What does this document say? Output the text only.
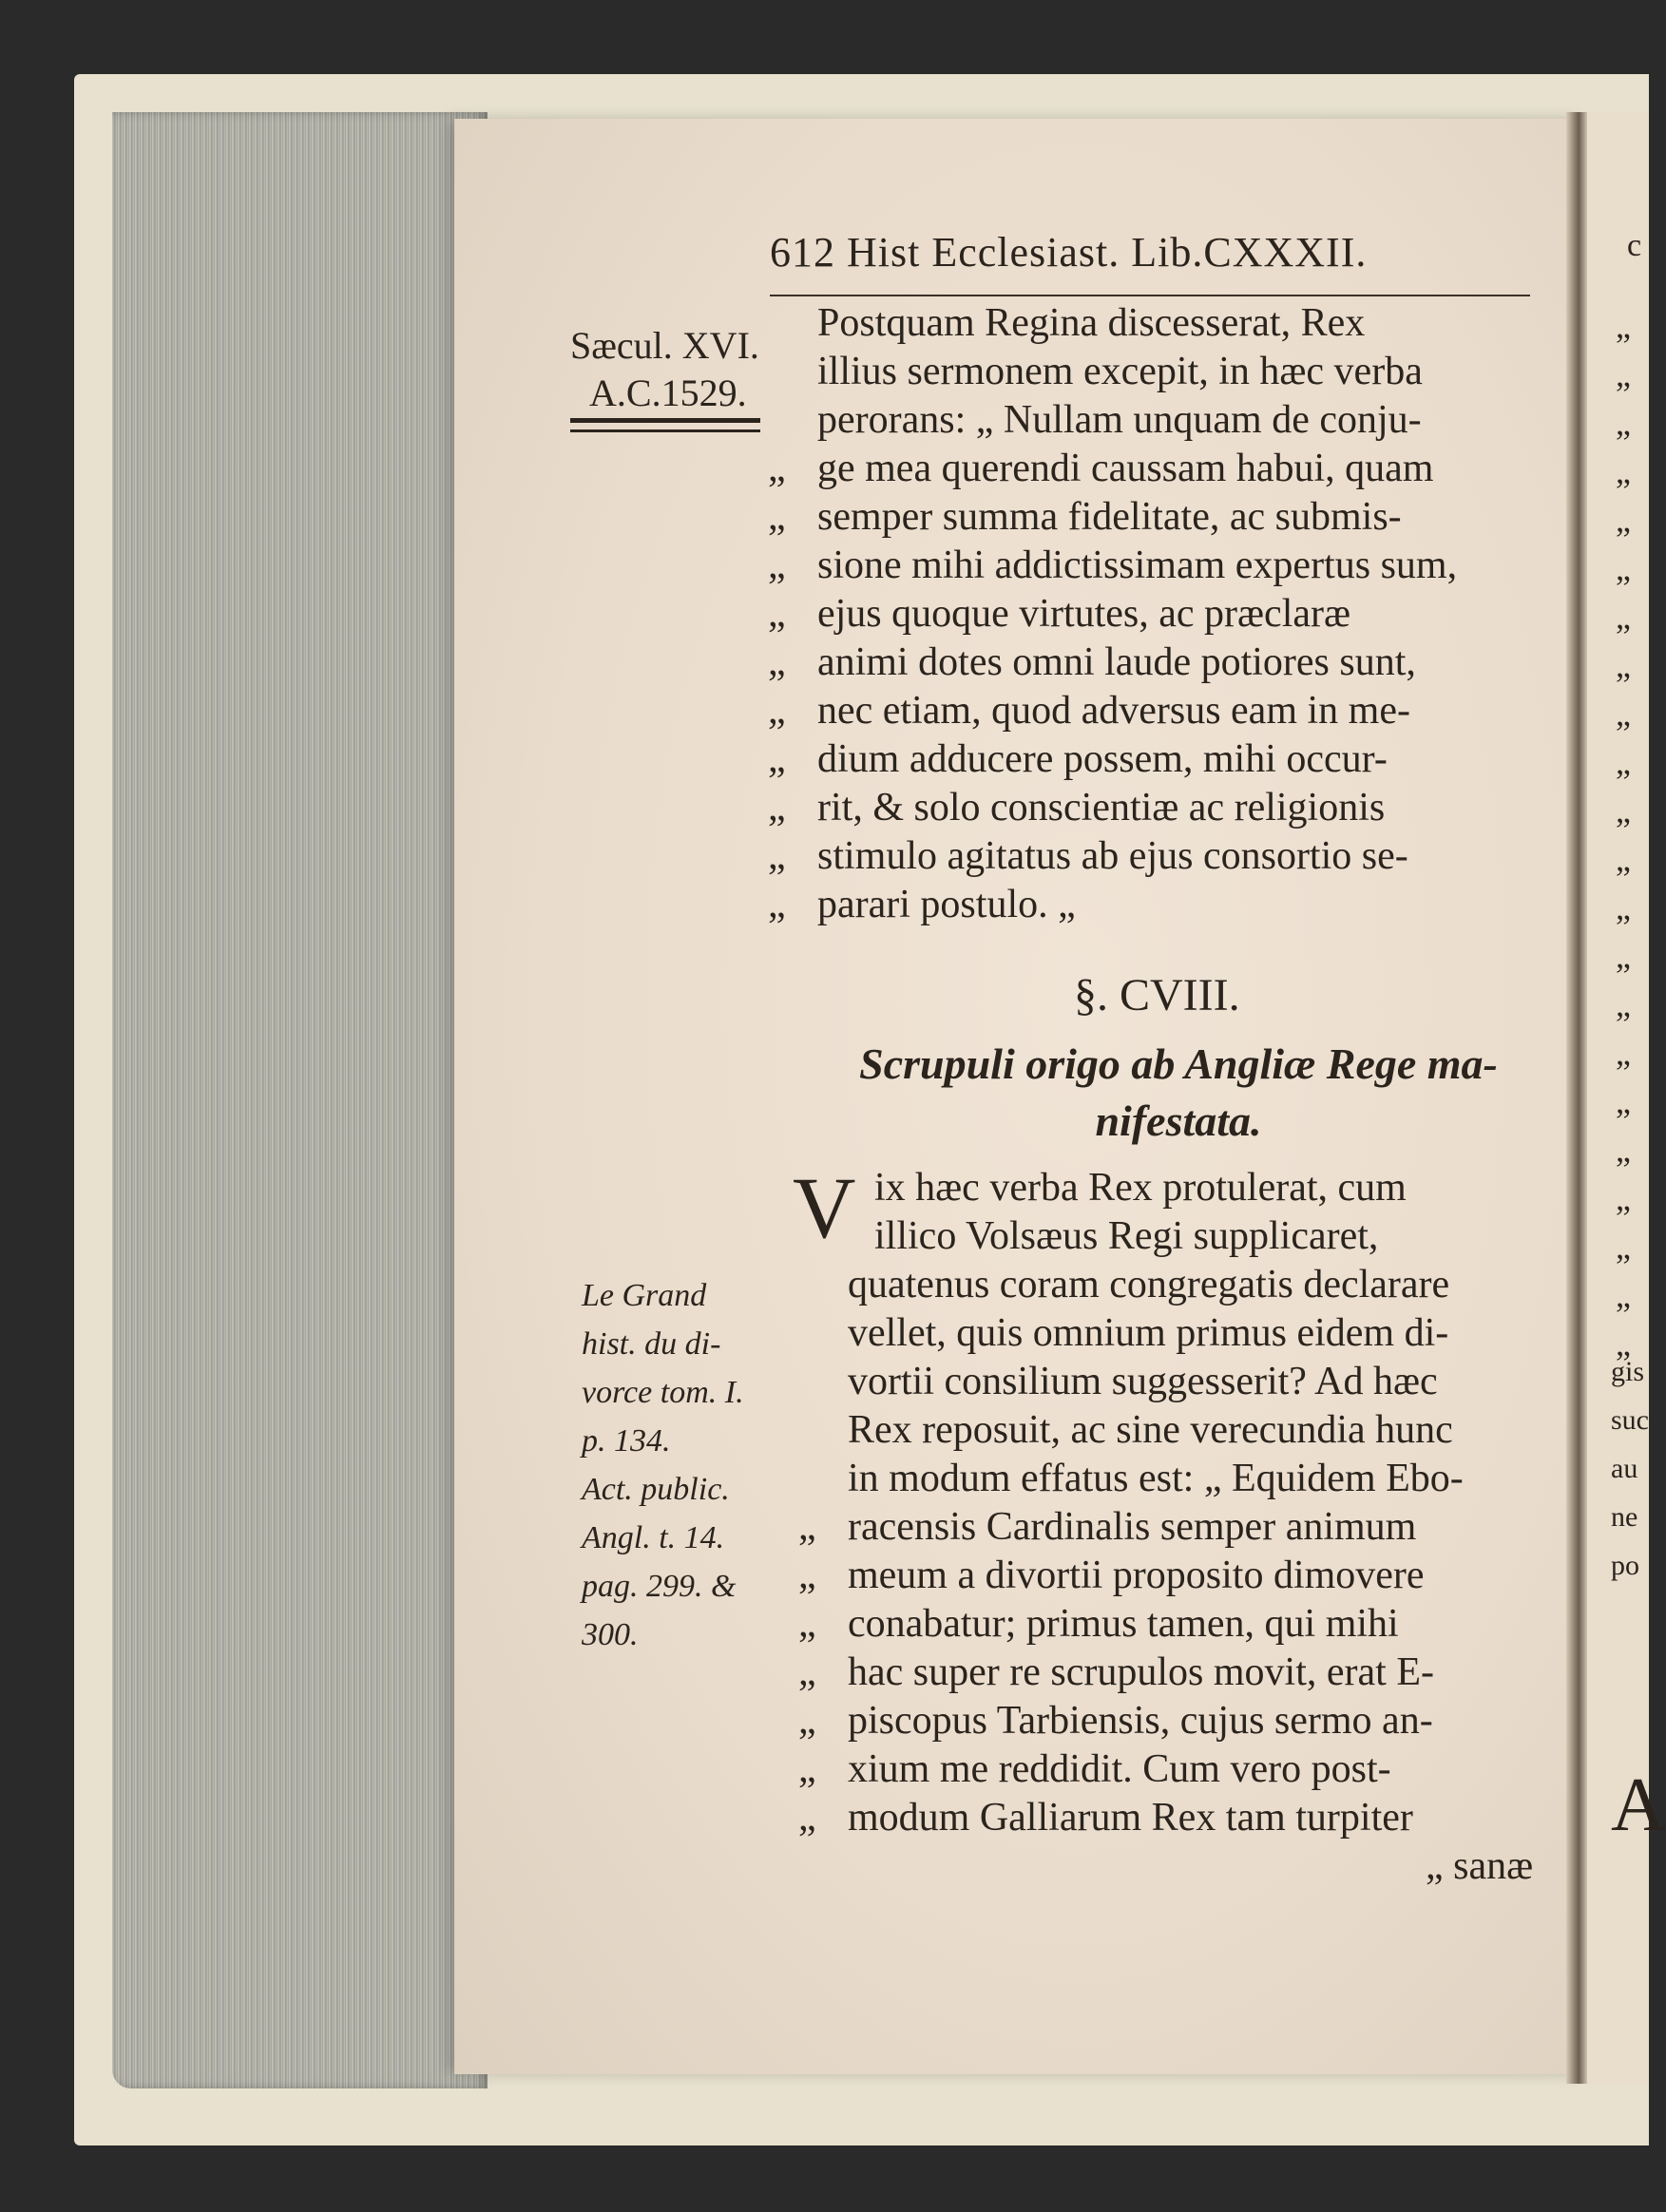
612 Hist Ecclesiast. Lib.CXXXII.
Sæcul. XVI.
A.C.1529.
Postquam Regina discesserat, Rex
illius sermonem excepit, in hæc verba
perorans: „ Nullam unquam de conju-
„ ge mea querendi caussam habui, quam
„ semper summa fidelitate, ac submis-
„ sione mihi addictissimam expertus sum,
„ ejus quoque virtutes, ac præclaræ
„ animi dotes omni laude potiores sunt,
„ nec etiam, quod adversus eam in me-
„ dium adducere possem, mihi occur-
„ rit, & solo conscientiæ ac religionis
„ stimulo agitatus ab ejus consortio se-
„ parari postulo. „
§. CVIII.
Scrupuli origo ab Angliæ Rege ma- nifestata.
V ix hæc verba Rex protulerat, cum
illico Volsæus Regi supplicaret,
quatenus coram congregatis declarare
vellet, quis omnium primus eidem di-
vortii consilium suggesserit? Ad hæc
Rex reposuit, ac sine verecundia hunc
in modum effatus est: „ Equidem Ebo-
„ racensis Cardinalis semper animum
„ meum a divortii proposito dimovere
„ conabatur; primus tamen, qui mihi
„ hac super re scrupulos movit, erat E-
„ piscopus Tarbiensis, cujus sermo an-
„ xium me reddidit. Cum vero post-
„ modum Galliarum Rex tam turpiter
„ sanæ
Le Grand
hist. du di-
vorce tom. I.
p. 134.
Act. public.
Angl. t. 14.
pag. 299. &
300.
c
„
„
„
„
„
„
„
„
„
„
„
„
„
„
„
„
„
„
„
„
„
„
gis
suc
au
ne
po
A
